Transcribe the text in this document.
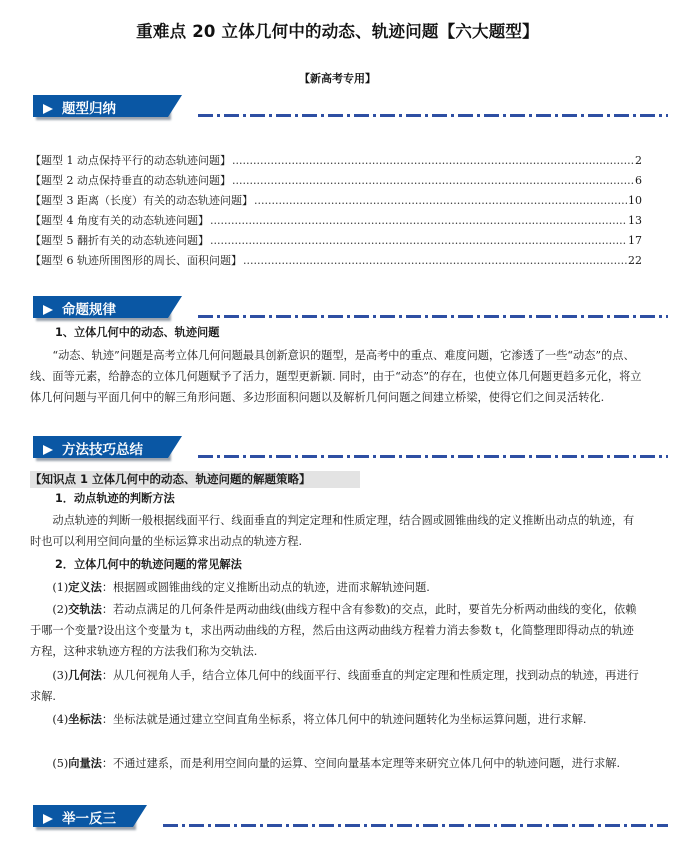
重难点 20 立体几何中的动态、轨迹问题【六大题型】
【新高考专用】
题型归纳
【题型 1 动点保持平行的动态轨迹问题】 .....	2
【题型 2 动点保持垂直的动态轨迹问题】 .....	6
【题型 3 距离（长度）有关的动态轨迹问题】 .....	10
【题型 4 角度有关的动态轨迹问题】 .....	13
【题型 5 翻折有关的动态轨迹问题】 .....	17
【题型 6 轨迹所围图形的周长、面积问题】 .....	22
命题规律
1、立体几何中的动态、轨迹问题
“动态、轨迹”问题是高考立体几何问题最具创新意识的题型，是高考中的重点、难度问题，它渗透了一些“动态”的点、线、面等元素，给静态的立体几何题赋予了活力，题型更新颖. 同时，由于“动态”的存在，也使立体几何题更趋多元化，将立体几何问题与平面几何中的解三角形问题、多边形面积问题以及解析几何问题之间建立桥梁，使得它们之间灵活转化.
方法技巧总结
【知识点 1 立体几何中的动态、轨迹问题的解题策略】
1．动点轨迹的判断方法
动点轨迹的判断一般根据线面平行、线面垂直的判定定理和性质定理，结合圆或圆锥曲线的定义推断出动点的轨迹，有时也可以利用空间向量的坐标运算求出动点的轨迹方程.
2．立体几何中的轨迹问题的常见解法
(1)定义法：根据圆或圆锥曲线的定义推断出动点的轨迹，进而求解轨迹问题.
(2)交轨法：若动点满足的几何条件是两动曲线(曲线方程中含有参数)的交点，此时，要首先分析两动曲线的变化，依赖于哪一个变量?设出这个变量为 t，求出两动曲线的方程，然后由这两动曲线方程着力消去参数 t，化简整理即得动点的轨迹方程，这种求轨迹方程的方法我们称为交轨法.
(3)几何法：从几何视角人手，结合立体几何中的线面平行、线面垂直的判定定理和性质定理，找到动点的轨迹，再进行求解.
(4)坐标法：坐标法就是通过建立空间直角坐标系，将立体几何中的轨迹问题转化为坐标运算问题，进行求解.
(5)向量法：不通过建系，而是利用空间向量的运算、空间向量基本定理等来研究立体几何中的轨迹问题，进行求解.
举一反三
